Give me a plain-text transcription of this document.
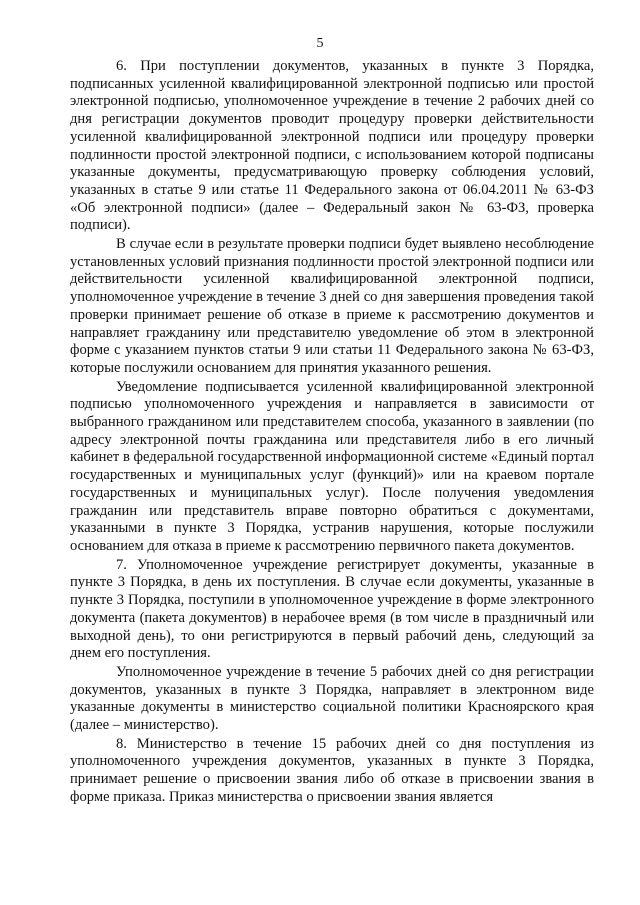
5

6. При поступлении документов, указанных в пункте 3 Порядка, подписанных усиленной квалифицированной электронной подписью или простой электронной подписью, уполномоченное учреждение в течение 2 рабочих дней со дня регистрации документов проводит процедуру проверки действительности усиленной квалифицированной электронной подписи или процедуру проверки подлинности простой электронной подписи, с использованием которой подписаны указанные документы, предусматривающую проверку соблюдения условий, указанных в статье 9 или статье 11 Федерального закона от 06.04.2011 № 63-ФЗ «Об электронной подписи» (далее – Федеральный закон № 63-ФЗ, проверка подписи).

В случае если в результате проверки подписи будет выявлено несоблюдение установленных условий признания подлинности простой электронной подписи или действительности усиленной квалифицированной электронной подписи, уполномоченное учреждение в течение 3 дней со дня завершения проведения такой проверки принимает решение об отказе в приеме к рассмотрению документов и направляет гражданину или представителю уведомление об этом в электронной форме с указанием пунктов статьи 9 или статьи 11 Федерального закона № 63-ФЗ, которые послужили основанием для принятия указанного решения.

Уведомление подписывается усиленной квалифицированной электронной подписью уполномоченного учреждения и направляется в зависимости от выбранного гражданином или представителем способа, указанного в заявлении (по адресу электронной почты гражданина или представителя либо в его личный кабинет в федеральной государственной информационной системе «Единый портал государственных и муниципальных услуг (функций)» или на краевом портале государственных и муниципальных услуг). После получения уведомления гражданин или представитель вправе повторно обратиться с документами, указанными в пункте 3 Порядка, устранив нарушения, которые послужили основанием для отказа в приеме к рассмотрению первичного пакета документов.

7. Уполномоченное учреждение регистрирует документы, указанные в пункте 3 Порядка, в день их поступления. В случае если документы, указанные в пункте 3 Порядка, поступили в уполномоченное учреждение в форме электронного документа (пакета документов) в нерабочее время (в том числе в праздничный или выходной день), то они регистрируются в первый рабочий день, следующий за днем его поступления.

Уполномоченное учреждение в течение 5 рабочих дней со дня регистрации документов, указанных в пункте 3 Порядка, направляет в электронном виде указанные документы в министерство социальной политики Красноярского края (далее – министерство).

8. Министерство в течение 15 рабочих дней со дня поступления из уполномоченного учреждения документов, указанных в пункте 3 Порядка, принимает решение о присвоении звания либо об отказе в присвоении звания в форме приказа. Приказ министерства о присвоении звания является
